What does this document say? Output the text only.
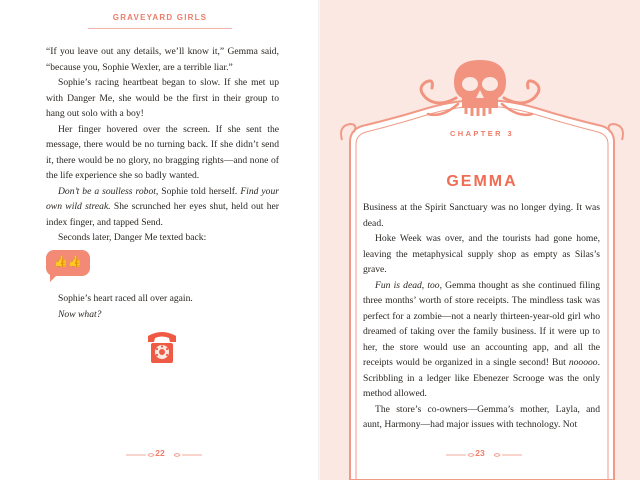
GRAVEYARD GIRLS

“If you leave out any details, we’ll know it,” Gemma said, “because you, Sophie Wexler, are a terrible liar.”

Sophie’s racing heartbeat began to slow. If she met up with Danger Me, she would be the first in their group to hang out solo with a boy!

Her finger hovered over the screen. If she sent the message, there would be no turning back. If she didn’t send it, there would be no glory, no bragging rights—and none of the life experience she so badly wanted.

Don’t be a soulless robot, Sophie told herself. Find your own wild streak. She scrunched her eyes shut, held out her index finger, and tapped Send.

Seconds later, Danger Me texted back:

👍👍

Sophie’s heart raced all over again.

Now what?

22
CHAPTER 3
GEMMA

Business at the Spirit Sanctuary was no longer dying. It was dead.

Hoke Week was over, and the tourists had gone home, leaving the metaphysical supply shop as empty as Silas’s grave.

Fun is dead, too, Gemma thought as she continued filing three months’ worth of store receipts. The mindless task was perfect for a zombie—not a nearly thirteen-year-old girl who dreamed of taking over the family business. If it were up to her, the store would use an accounting app, and all the receipts would be organized in a single second! But nooooo. Scribbling in a ledger like Ebenezer Scrooge was the only method allowed.

The store’s co-owners—Gemma’s mother, Layla, and aunt, Harmony—had major issues with technology. Not

23
